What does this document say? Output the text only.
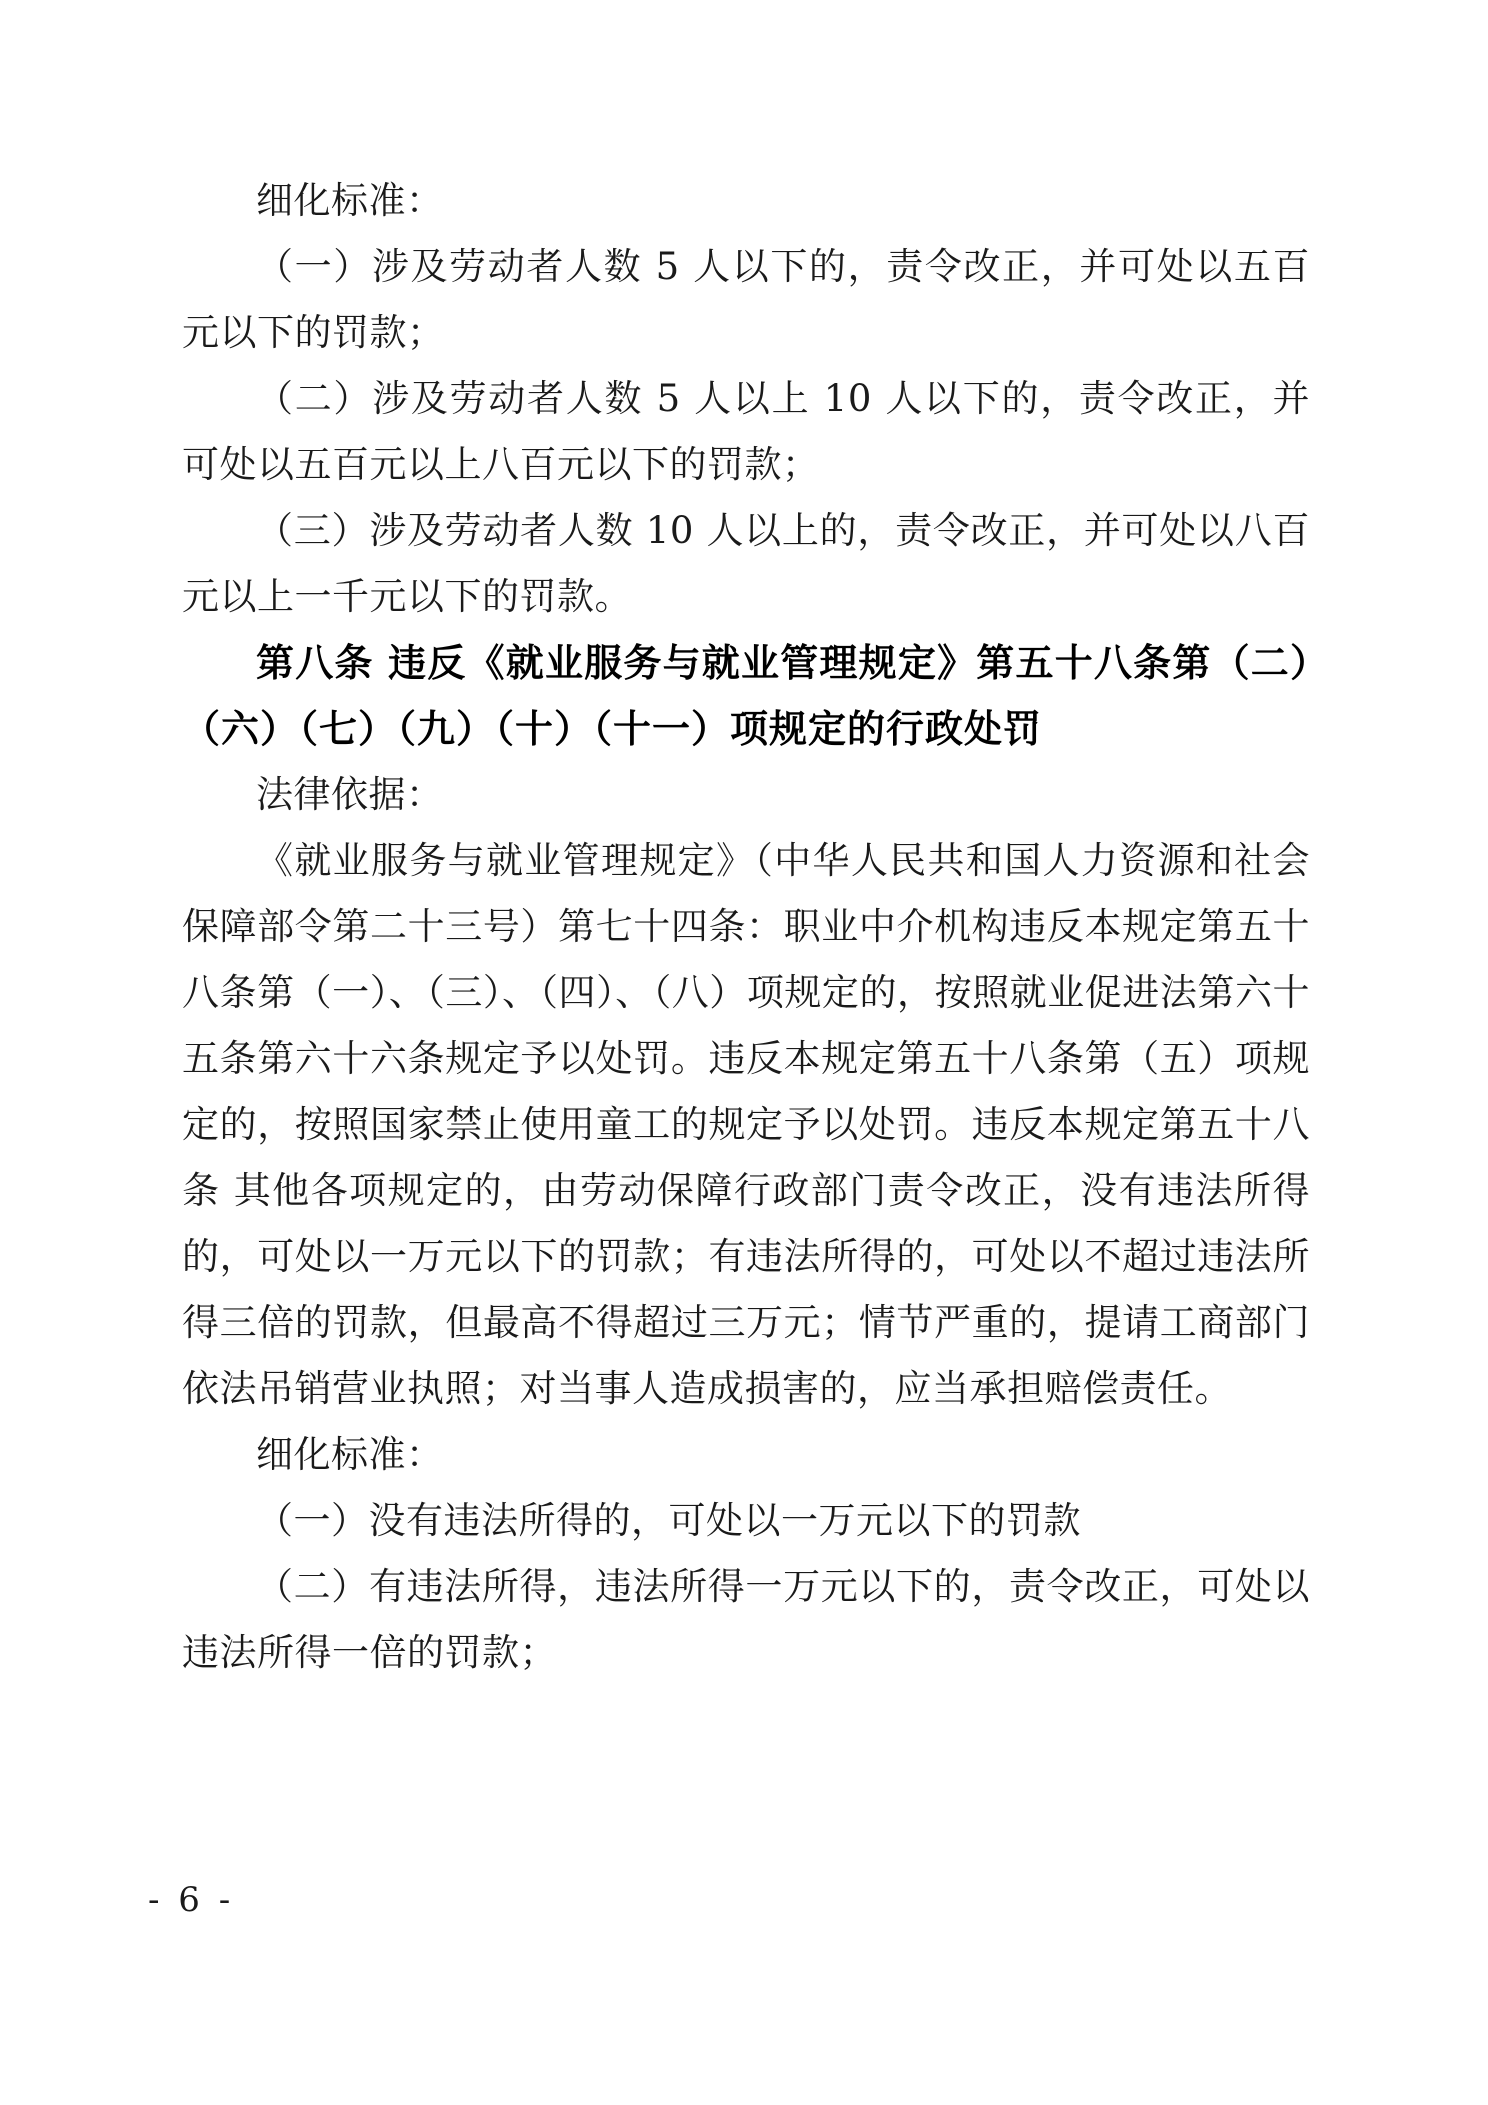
细化标准：

（一）涉及劳动者人数 5 人以下的，责令改正，并可处以五百元以下的罚款；

（二）涉及劳动者人数 5 人以上 10 人以下的，责令改正，并可处以五百元以上八百元以下的罚款；

（三）涉及劳动者人数 10 人以上的，责令改正，并可处以八百元以上一千元以下的罚款。

第八条 违反《就业服务与就业管理规定》第五十八条第（二）（六）（七）（九）（十）（十一）项规定的行政处罚

法律依据：

《就业服务与就业管理规定》（中华人民共和国人力资源和社会保障部令第二十三号）第七十四条：职业中介机构违反本规定第五十八条第（一）、（三）、（四）、（八）项规定的，按照就业促进法第六十五条第六十六条规定予以处罚。违反本规定第五十八条第（五）项规定的，按照国家禁止使用童工的规定予以处罚。违反本规定第五十八条 其他各项规定的，由劳动保障行政部门责令改正，没有违法所得的，可处以一万元以下的罚款；有违法所得的，可处以不超过违法所得三倍的罚款，但最高不得超过三万元；情节严重的，提请工商部门依法吊销营业执照；对当事人造成损害的，应当承担赔偿责任。

细化标准：

（一）没有违法所得的，可处以一万元以下的罚款

（二）有违法所得，违法所得一万元以下的，责令改正，可处以违法所得一倍的罚款；

- 6 -
